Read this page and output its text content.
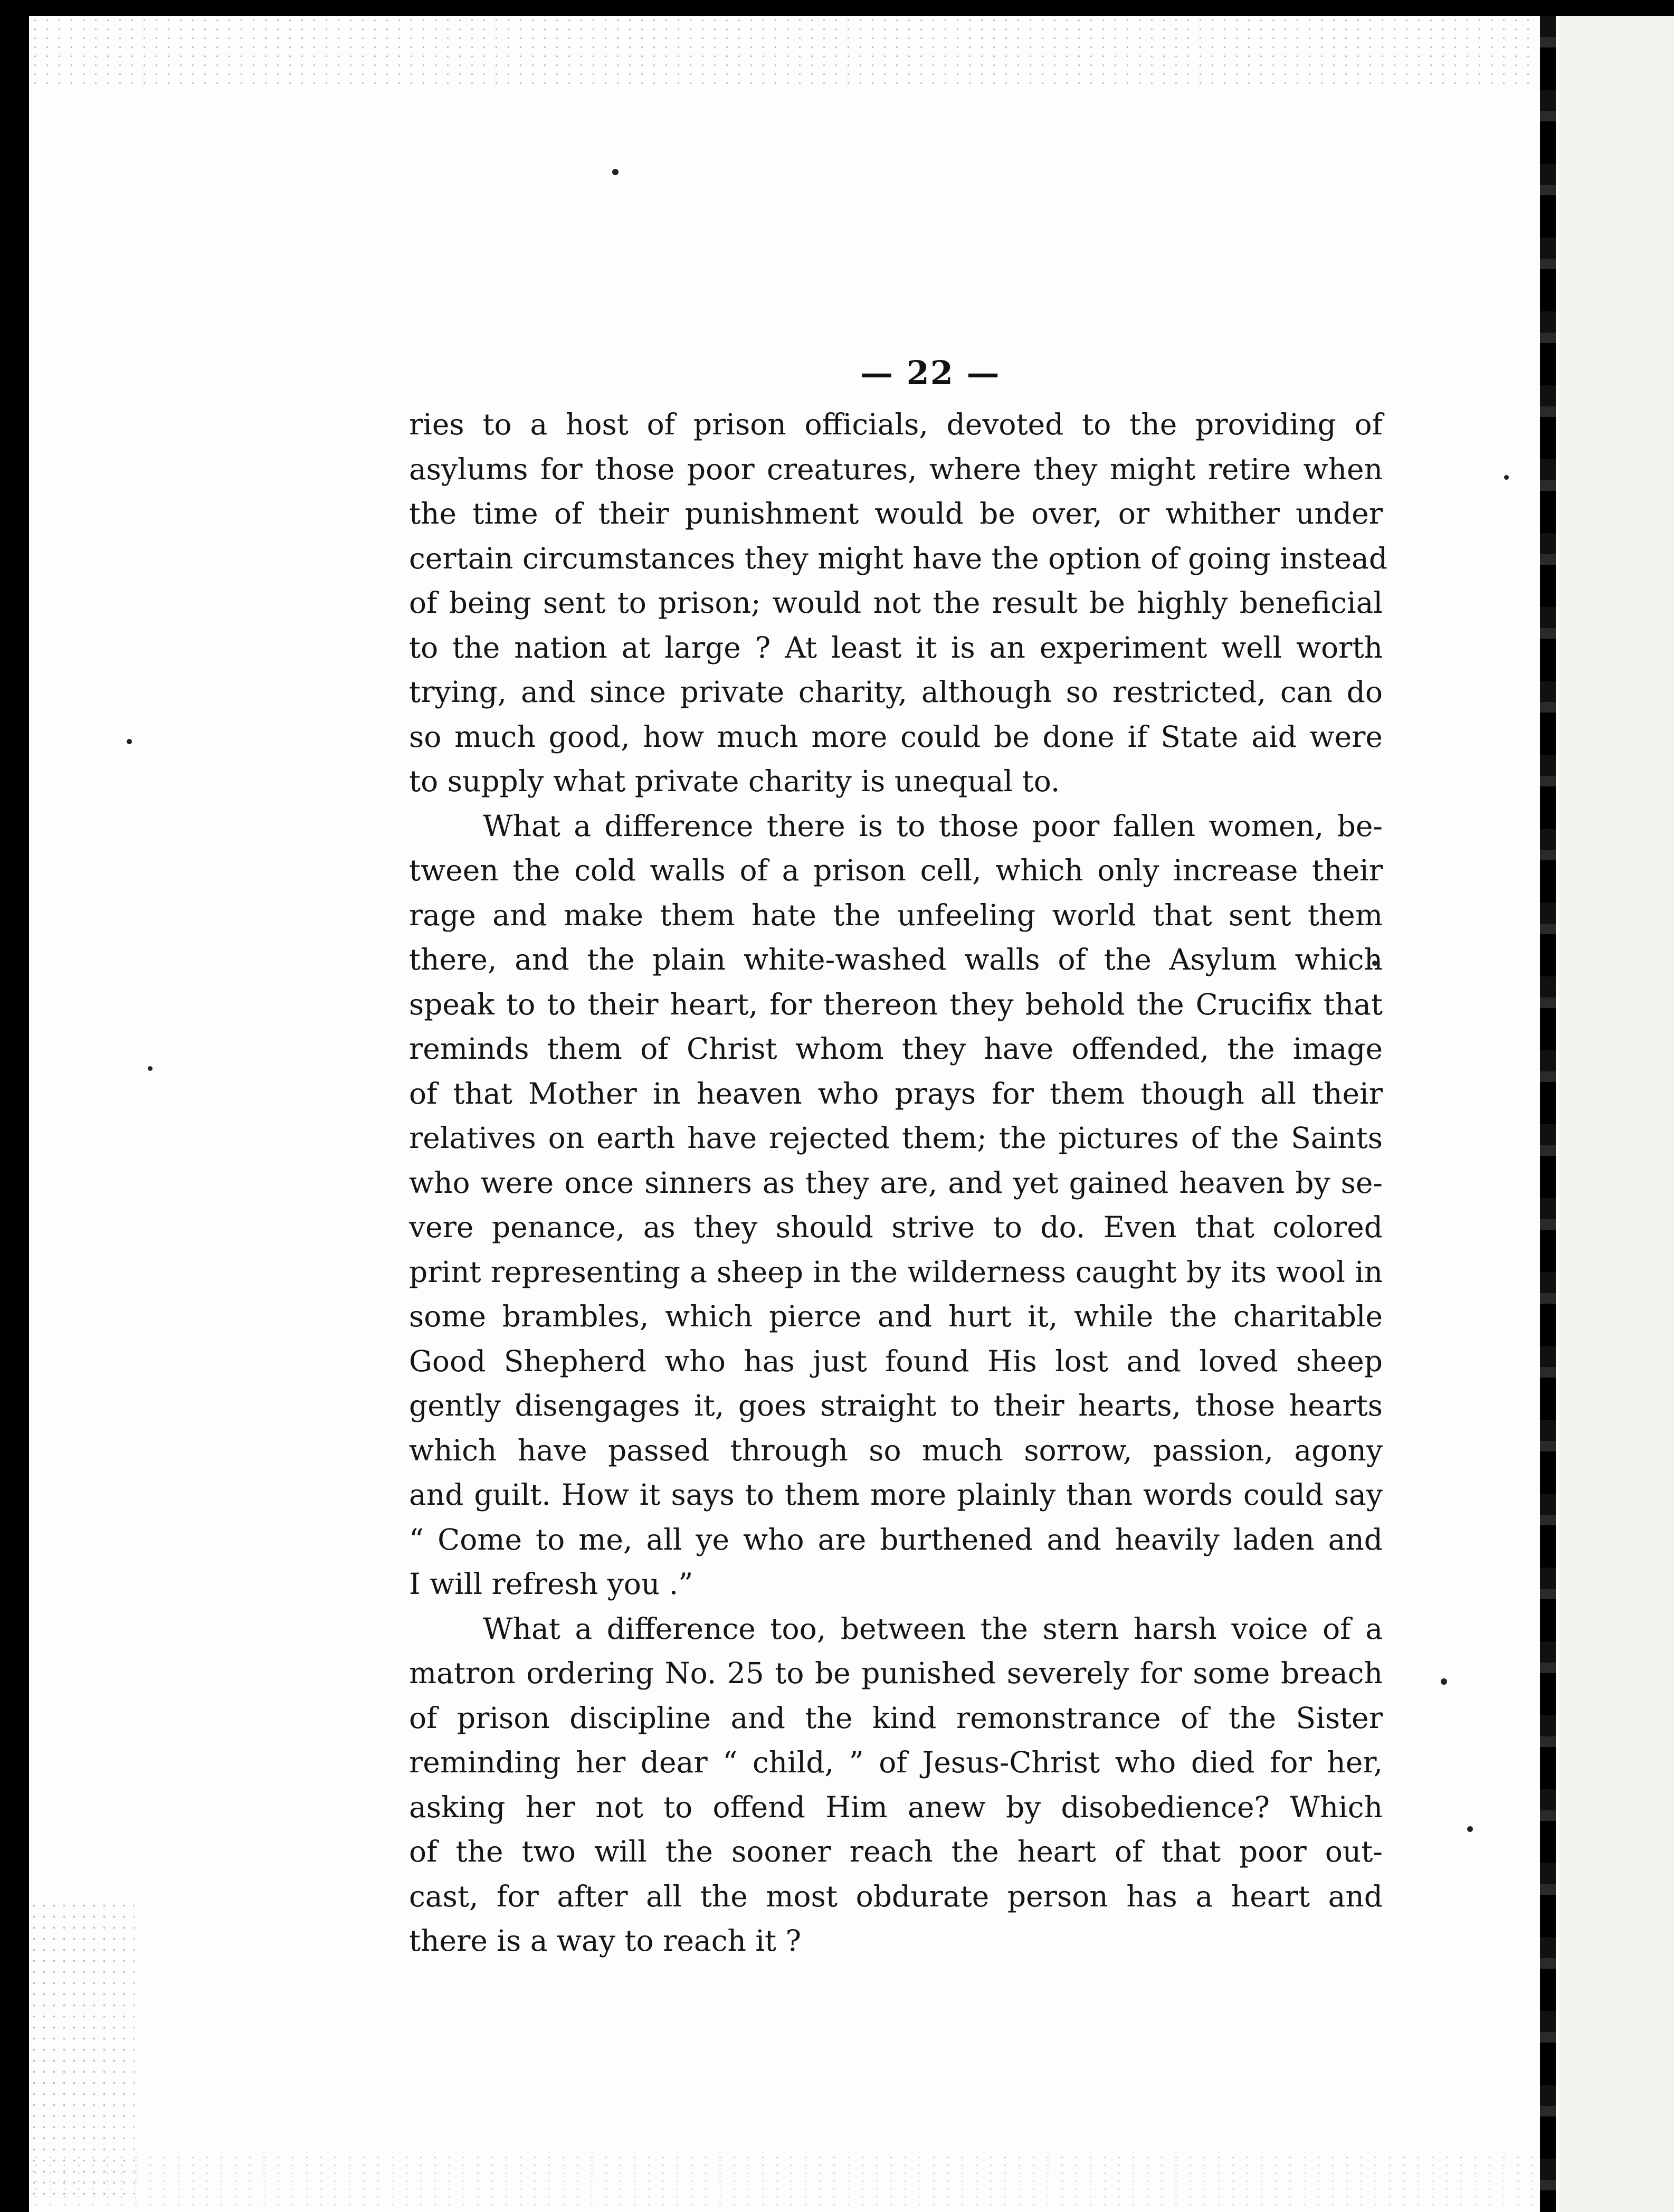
— 22 —
ries to a host of prison officials, devoted to the providing of
asylums for those poor creatures, where they might retire when
the time of their punishment would be over, or whither under
certain circumstances they might have the option of going instead
of being sent to prison; would not the result be highly beneficial
to the nation at large ? At least it is an experiment well worth
trying, and since private charity, although so restricted, can do
so much good, how much more could be done if State aid were
to supply what private charity is unequal to.
What a difference there is to those poor fallen women, be-
tween the cold walls of a prison cell, which only increase their
rage and make them hate the unfeeling world that sent them
there, and the plain white-washed walls of the Asylum which
speak to to their heart, for thereon they behold the Crucifix that
reminds them of Christ whom they have offended, the image
of that Mother in heaven who prays for them though all their
relatives on earth have rejected them; the pictures of the Saints
who were once sinners as they are, and yet gained heaven by se-
vere penance, as they should strive to do. Even that colored
print representing a sheep in the wilderness caught by its wool in
some brambles, which pierce and hurt it, while the charitable
Good Shepherd who has just found His lost and loved sheep
gently disengages it, goes straight to their hearts, those hearts
which have passed through so much sorrow, passion, agony
and guilt. How it says to them more plainly than words could say
“ Come to me, all ye who are burthened and heavily laden and
I will refresh you .”
What a difference too, between the stern harsh voice of a
matron ordering No. 25 to be punished severely for some breach
of prison discipline and the kind remonstrance of the Sister
reminding her dear “ child, ” of Jesus-Christ who died for her,
asking her not to offend Him anew by disobedience? Which
of the two will the sooner reach the heart of that poor out-
cast, for after all the most obdurate person has a heart and
there is a way to reach it ?
